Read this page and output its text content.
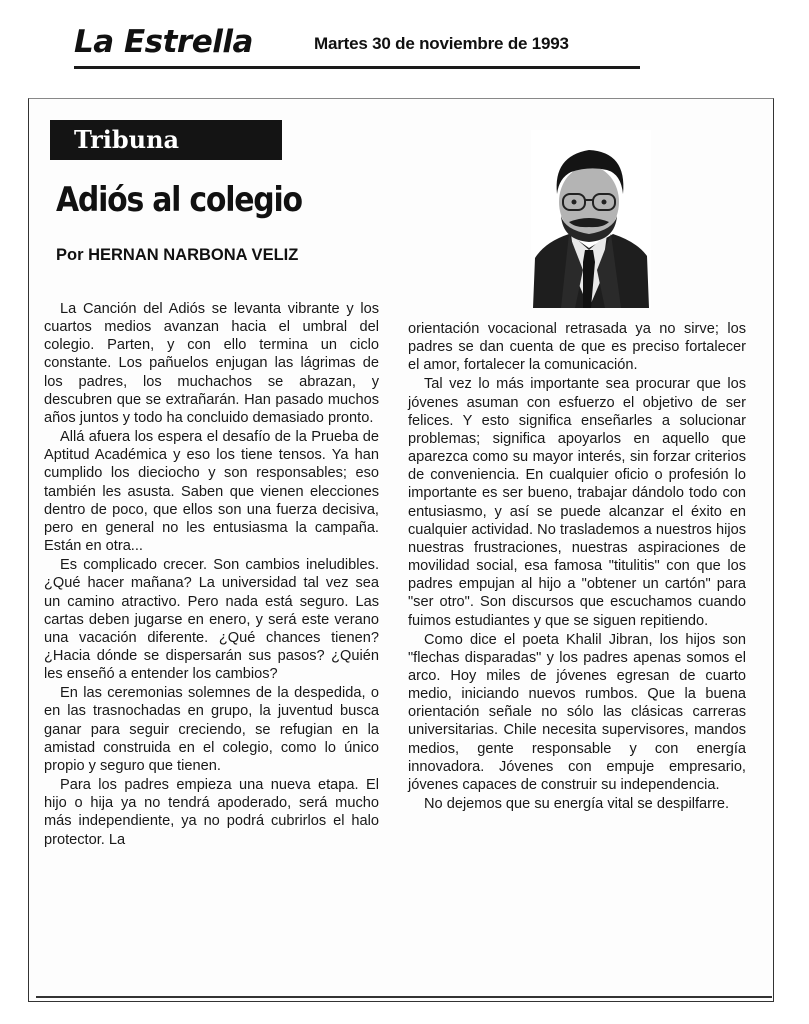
La Estrella	Martes 30 de noviembre de 1993
Tribuna
Adiós al colegio
Por HERNAN NARBONA VELIZ

La Canción del Adiós se levanta vibrante y los cuartos medios avanzan hacia el umbral del colegio. Parten, y con ello termina un ciclo constante. Los pañuelos enjugan las lágrimas de los padres, los muchachos se abrazan, y descubren que se extrañarán. Han pasado muchos años juntos y todo ha concluido demasiado pronto.

Allá afuera los espera el desafío de la Prueba de Aptitud Académica y eso los tiene tensos. Ya han cumplido los dieciocho y son responsables; eso también les asusta. Saben que vienen elecciones dentro de poco, que ellos son una fuerza decisiva, pero en general no les entusiasma la campaña. Están en otra...

Es complicado crecer. Son cambios ineludibles. ¿Qué hacer mañana? La universidad tal vez sea un camino atractivo. Pero nada está seguro. Las cartas deben jugarse en enero, y será este verano una vacación diferente. ¿Qué chances tienen? ¿Hacia dónde se dispersarán sus pasos? ¿Quién les enseñó a entender los cambios?

En las ceremonias solemnes de la despedida, o en las trasnochadas en grupo, la juventud busca ganar para seguir creciendo, se refugian en la amistad construida en el colegio, como lo único propio y seguro que tienen.

Para los padres empieza una nueva etapa. El hijo o hija ya no tendrá apoderado, será mucho más independiente, ya no podrá cubrirlos el halo protector. La

orientación vocacional retrasada ya no sirve; los padres se dan cuenta de que es preciso fortalecer el amor, fortalecer la comunicación.

Tal vez lo más importante sea procurar que los jóvenes asuman con esfuerzo el objetivo de ser felices. Y esto significa enseñarles a solucionar problemas; significa apoyarlos en aquello que aparezca como su mayor interés, sin forzar criterios de conveniencia. En cualquier oficio o profesión lo importante es ser bueno, trabajar dándolo todo con entusiasmo, y así se puede alcanzar el éxito en cualquier actividad. No traslademos a nuestros hijos nuestras frustraciones, nuestras aspiraciones de movilidad social, esa famosa "titulitis" con que los padres empujan al hijo a "obtener un cartón" para "ser otro". Son discursos que escuchamos cuando fuimos estudiantes y que se siguen repitiendo.

Como dice el poeta Khalil Jibran, los hijos son "flechas disparadas" y los padres apenas somos el arco. Hoy miles de jóvenes egresan de cuarto medio, iniciando nuevos rumbos. Que la buena orientación señale no sólo las clásicas carreras universitarias. Chile necesita supervisores, mandos medios, gente responsable y con energía innovadora. Jóvenes con empuje empresario, jóvenes capaces de construir su independencia.

No dejemos que su energía vital se despilfarre.
